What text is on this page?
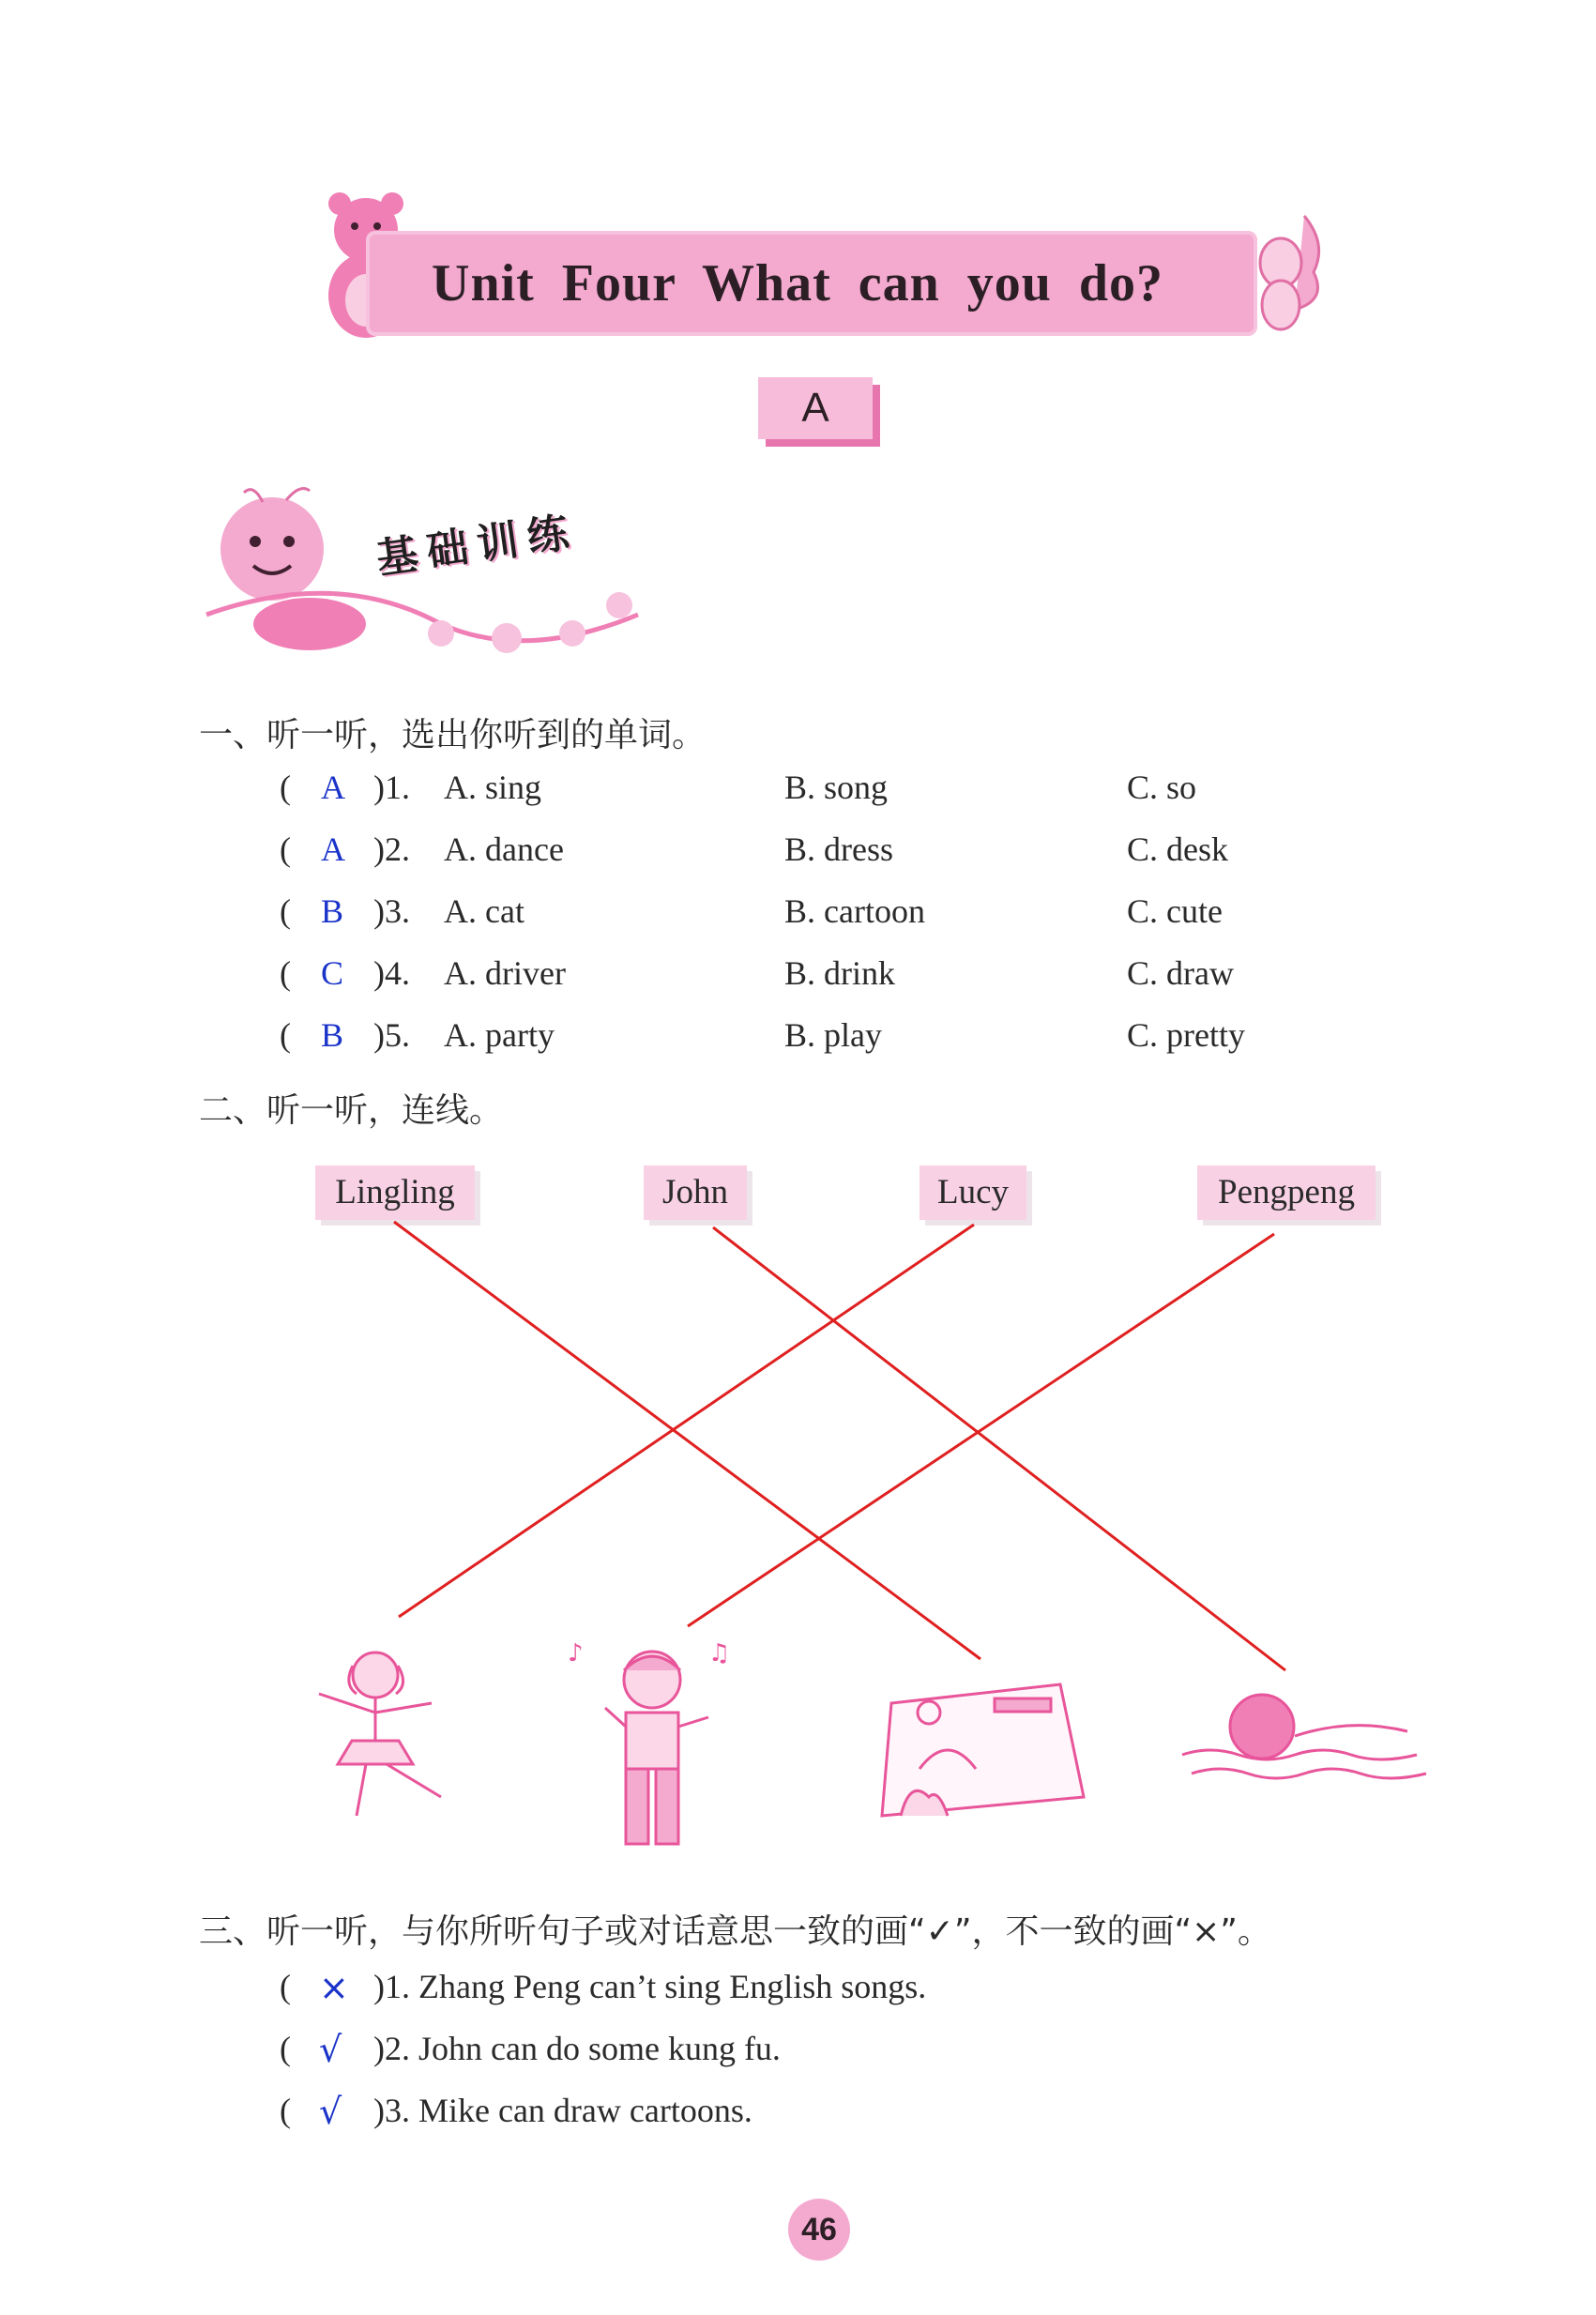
Unit Four What can you do?
A
基础训练
一、听一听，选出你听到的单词。
( A )1. A. sing	B. song	C. so
( A )2. A. dance	B. dress	C. desk
( B )3. A. cat	B. cartoon	C. cute
( C )4. A. driver	B. drink	C. draw
( B )5. A. party	B. play	C. pretty
二、听一听，连线。
Lingling	John	Lucy	Pengpeng
♪	♫
三、听一听，与你所听句子或对话意思一致的画“✓”，不一致的画“×”。
( × )1. Zhang Peng can’t sing English songs.
( √ )2. John can do some kung fu.
( √ )3. Mike can draw cartoons.
46
